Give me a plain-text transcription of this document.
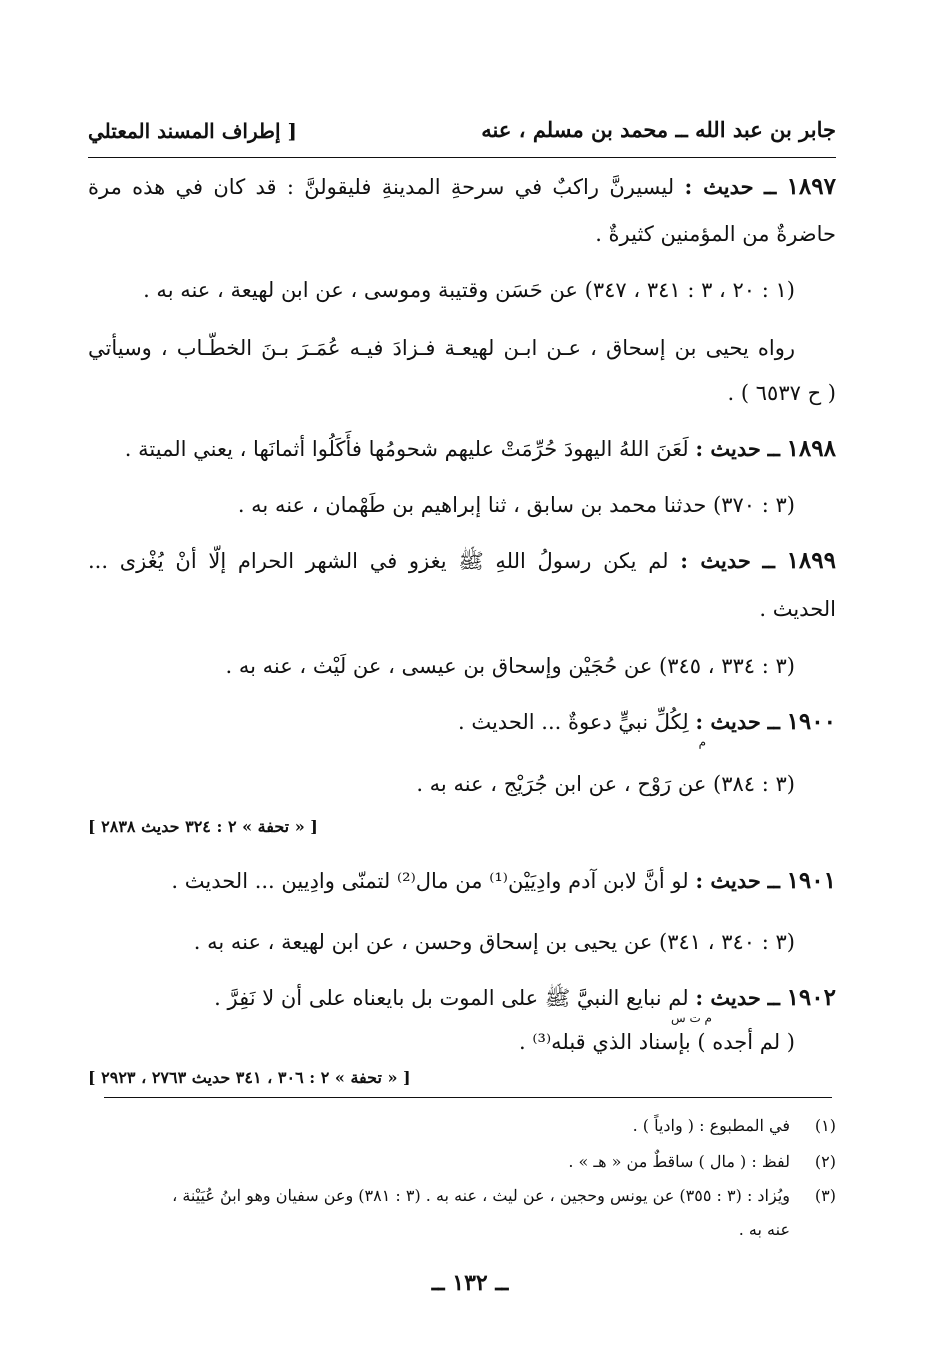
جابر بن عبد الله ــ محمد بن مسلم ، عنه
[ إطراف المسند المعتلي
١٨٩٧ ــ حديث : ليسيرنَّ راكبٌ في سرحةِ المدينةِ فليقولنَّ : قد كان في هذه مرة
حاضرةٌ من المؤمنين كثيرةٌ .
(١ : ٢٠ ، ٣ : ٣٤١ ، ٣٤٧) عن حَسَن وقتيبة وموسى ، عن ابن لهيعة ، عنه به .
رواه يحيى بن إسحاق ، عـن ابـن لهيعـة فـزادَ فيـه عُمَـرَ بـنَ الخطّـاب ، وسيأتي
( ح ٦٥٣٧ ) .
١٨٩٨ ــ حديث : لَعَنَ اللهُ اليهودَ حُرِّمَتْ عليهم شحومُها فأَكَلُوا أثمانَها ، يعني الميتة .
(٣ : ٣٧٠) حدثنا محمد بن سابق ، ثنا إبراهيم بن طَهْمان ، عنه به .
١٨٩٩ ــ حديث : لم يكن رسولُ اللهِ ﷺ يغزو في الشهر الحرام إلّا أنْ يُغْزى ...
الحديث .
(٣ : ٣٣٤ ، ٣٤٥) عن حُجَيْن وإسحاق بن عيسى ، عن لَيْث ، عنه به .
١٩٠٠ ــ حديث : لِكُلِّ نبيٍّ دعوةٌ ... الحديث .
م
(٣ : ٣٨٤) عن رَوْح ، عن ابن جُرَيْج ، عنه به .
[ « تحفة » ٢ : ٣٢٤ حديث ٢٨٣٨ ]
١٩٠١ ــ حديث : لو أنَّ لابن آدم وادِيَيْن⁽¹⁾ من مال⁽²⁾ لتمنّى وادِيين ... الحديث .
(٣ : ٣٤٠ ، ٣٤١) عن يحيى بن إسحاق وحسن ، عن ابن لهيعة ، عنه به .
١٩٠٢ ــ حديث : لم نبايع النبيَّ ﷺ على الموت بل بايعناه على أن لا نَفِرَّ .
م ت س
( لم أجده ) بإسناد الذي قبله⁽³⁾ .
[ « تحفة » ٢ : ٣٠٦ ، ٣٤١ حديث ٢٧٦٣ ، ٢٩٢٣ ]
(١)في المطبوع : ( وادياً ) .
(٢)لفظ : ( مال ) ساقطٌ من « هـ » .
(٣)ويُزاد : (٣ : ٣٥٥) عن يونس وحجين ، عن ليث ، عنه به . (٣ : ٣٨١) وعن سفيان وهو ابنُ عُيَيْنة ،
عنه به .
ــ ١٣٢ ــ
